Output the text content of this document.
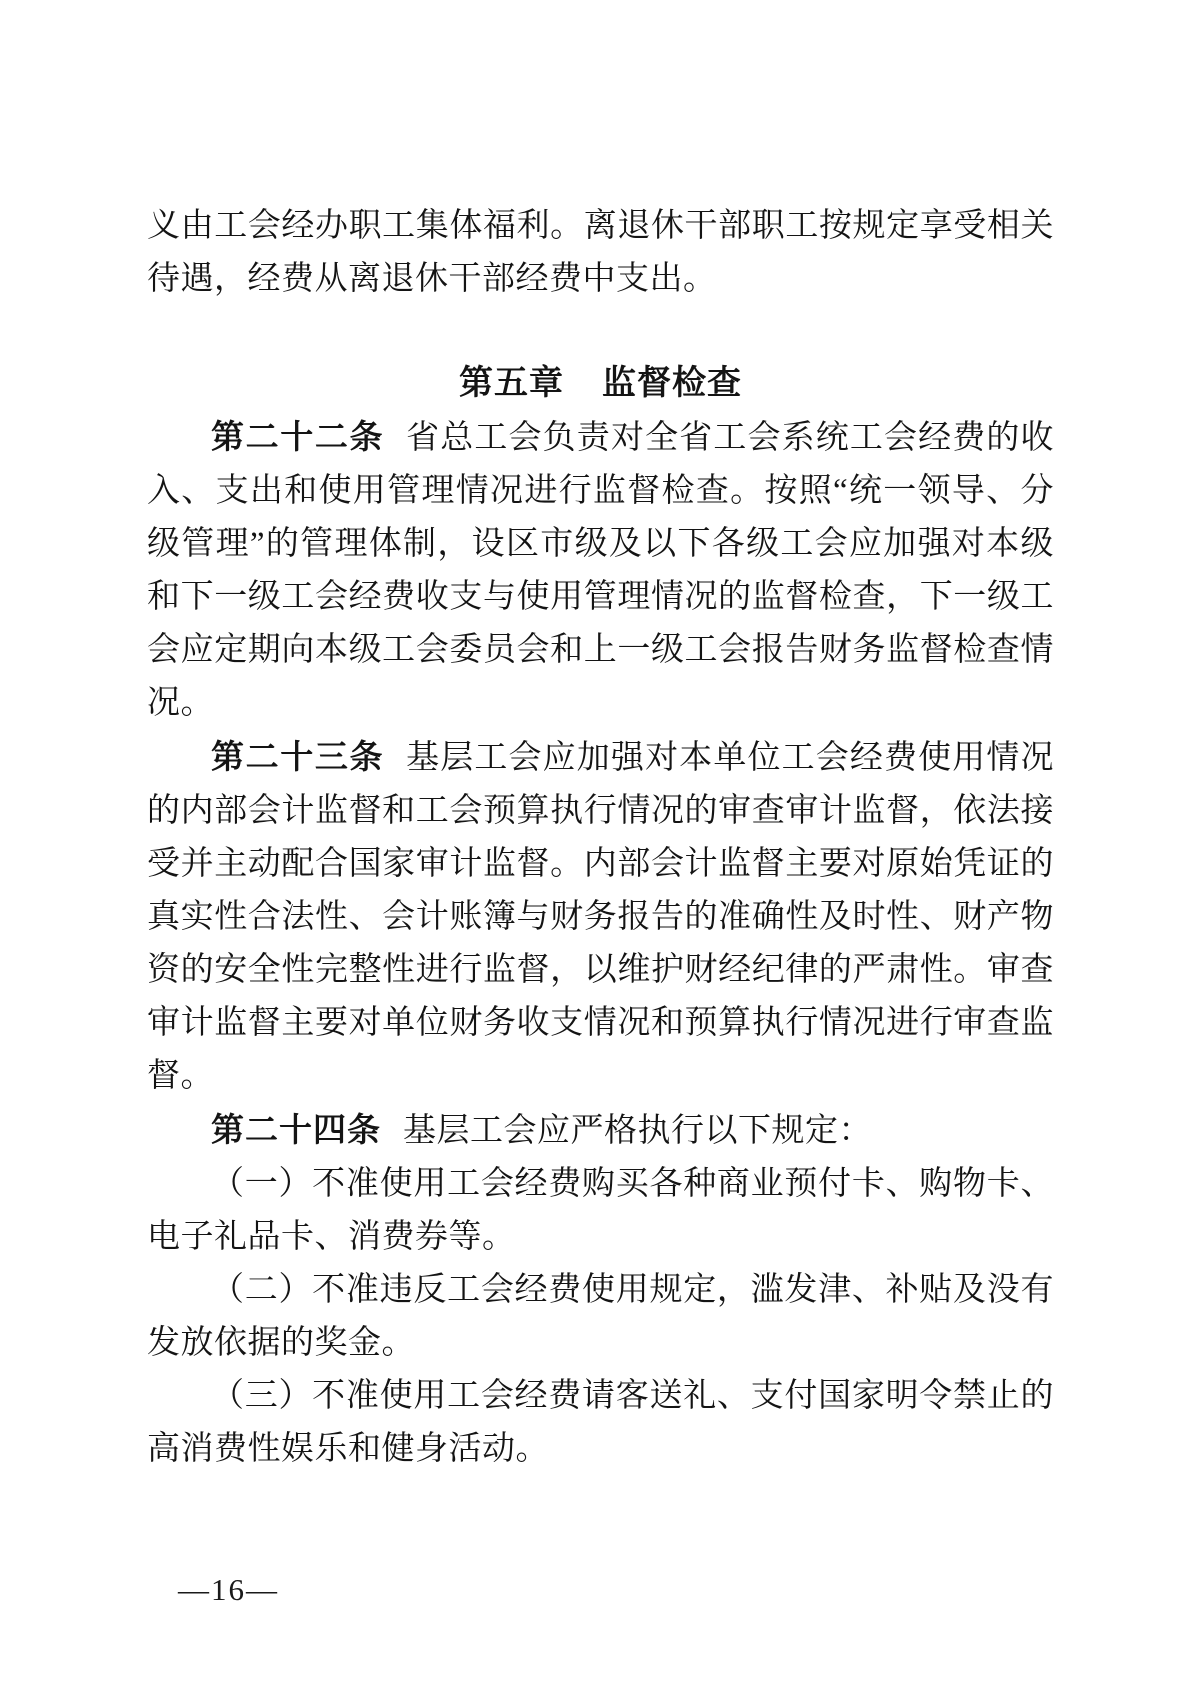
义由工会经办职工集体福利。离退休干部职工按规定享受相关待遇，经费从离退休干部经费中支出。

第五章 监督检查

第二十二条 省总工会负责对全省工会系统工会经费的收入、支出和使用管理情况进行监督检查。按照“统一领导、分级管理”的管理体制，设区市级及以下各级工会应加强对本级和下一级工会经费收支与使用管理情况的监督检查，下一级工会应定期向本级工会委员会和上一级工会报告财务监督检查情况。

第二十三条 基层工会应加强对本单位工会经费使用情况的内部会计监督和工会预算执行情况的审查审计监督，依法接受并主动配合国家审计监督。内部会计监督主要对原始凭证的真实性合法性、会计账簿与财务报告的准确性及时性、财产物资的安全性完整性进行监督，以维护财经纪律的严肃性。审查审计监督主要对单位财务收支情况和预算执行情况进行审查监督。

第二十四条 基层工会应严格执行以下规定：

（一）不准使用工会经费购买各种商业预付卡、购物卡、电子礼品卡、消费券等。

（二）不准违反工会经费使用规定，滥发津、补贴及没有发放依据的奖金。

（三）不准使用工会经费请客送礼、支付国家明令禁止的高消费性娱乐和健身活动。

—16—
